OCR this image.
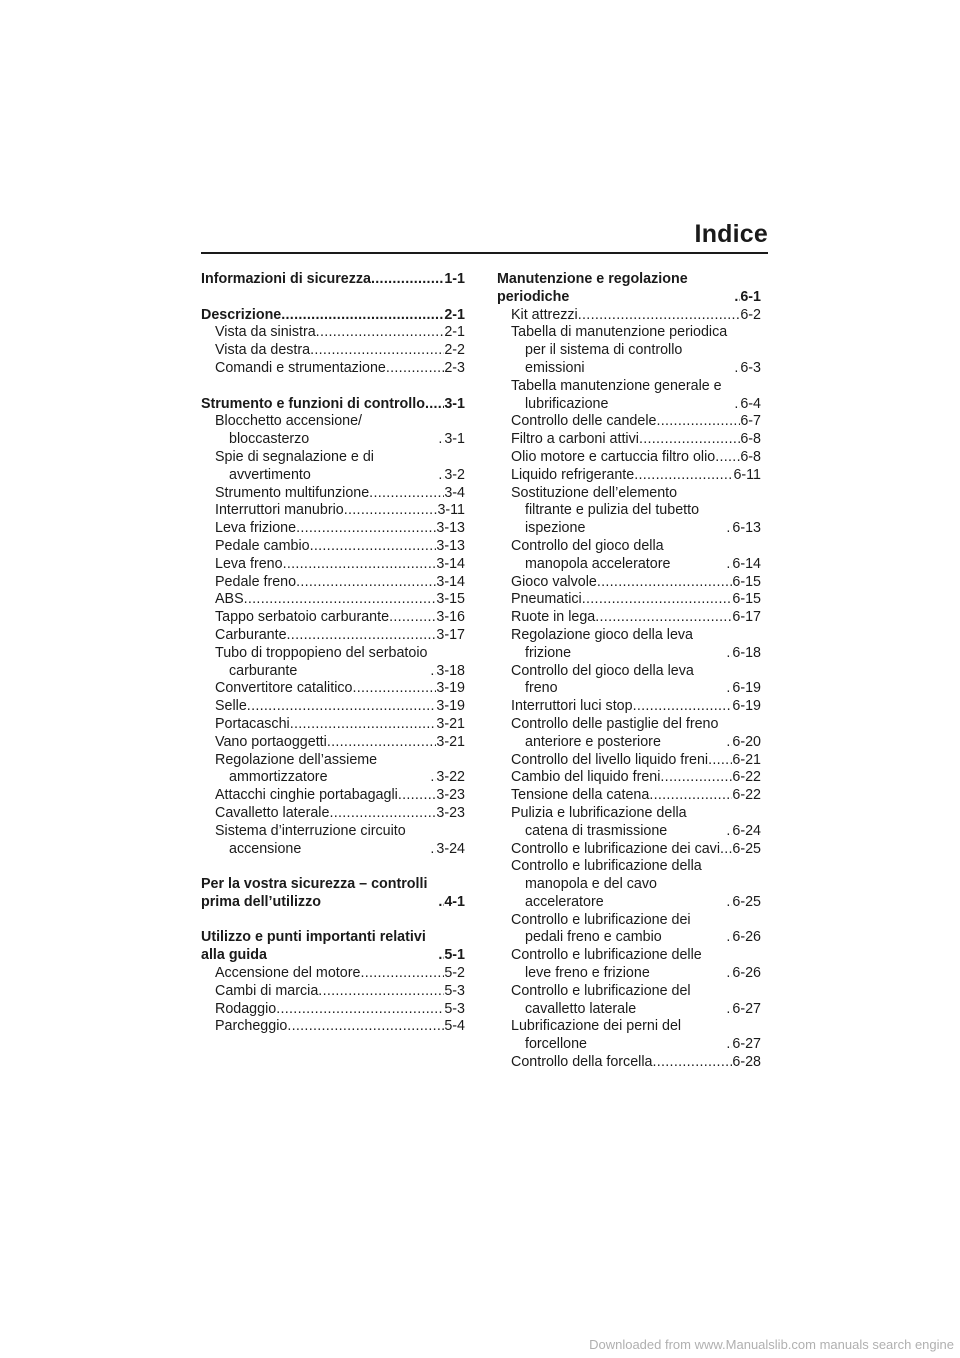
Indice
Informazioni di sicurezza .....	1-1
Descrizione .....	2-1
Vista da sinistra .....	2-1
Vista da destra .....	2-2
Comandi e strumentazione .....	2-3
Strumento e funzioni di controllo ..... 3-1
Blocchetto accensione/ bloccasterzo .....	3-1
Spie di segnalazione e di avvertimento .....	3-2
Strumento multifunzione .....	3-4
Interruttori manubrio .....	3-11
Leva frizione .....	3-13
Pedale cambio .....	3-13
Leva freno .....	3-14
Pedale freno .....	3-14
ABS .....	3-15
Tappo serbatoio carburante .....	3-16
Carburante .....	3-17
Tubo di troppopieno del serbatoio carburante .....	3-18
Convertitore catalitico .....	3-19
Selle .....	3-19
Portacaschi .....	3-21
Vano portaoggetti .....	3-21
Regolazione dell’assieme ammortizzatore .....	3-22
Attacchi cinghie portabagagli .....	3-23
Cavalletto laterale .....	3-23
Sistema d’interruzione circuito accensione .....	3-24
Per la vostra sicurezza – controlli prima dell’utilizzo .....	4-1
Utilizzo e punti importanti relativi alla guida .....	5-1
Accensione del motore .....	5-2
Cambi di marcia .....	5-3
Rodaggio .....	5-3
Parcheggio .....	5-4
Manutenzione e regolazione periodiche .....	6-1
Kit attrezzi .....	6-2
Tabella di manutenzione periodica per il sistema di controllo emissioni .....	6-3
Tabella manutenzione generale e lubrificazione .....	6-4
Controllo delle candele .....	6-7
Filtro a carboni attivi .....	6-8
Olio motore e cartuccia filtro olio ..... 6-8
Liquido refrigerante .....	6-11
Sostituzione dell’elemento filtrante e pulizia del tubetto ispezione .....	6-13
Controllo del gioco della manopola acceleratore .....	6-14
Gioco valvole .....	6-15
Pneumatici .....	6-15
Ruote in lega .....	6-17
Regolazione gioco della leva frizione .....	6-18
Controllo del gioco della leva freno .....	6-19
Interruttori luci stop .....	6-19
Controllo delle pastiglie del freno anteriore e posteriore .....	6-20
Controllo del livello liquido freni ..... 6-21
Cambio del liquido freni .....	6-22
Tensione della catena .....	6-22
Pulizia e lubrificazione della catena di trasmissione .....	6-24
Controllo e lubrificazione dei cavi ..... 6-25
Controllo e lubrificazione della manopola e del cavo acceleratore .....	6-25
Controllo e lubrificazione dei pedali freno e cambio .....	6-26
Controllo e lubrificazione delle leve freno e frizione .....	6-26
Controllo e lubrificazione del cavalletto laterale .....	6-27
Lubrificazione dei perni del forcellone .....	6-27
Controllo della forcella .....	6-28
Downloaded from www.Manualslib.com manuals search engine
